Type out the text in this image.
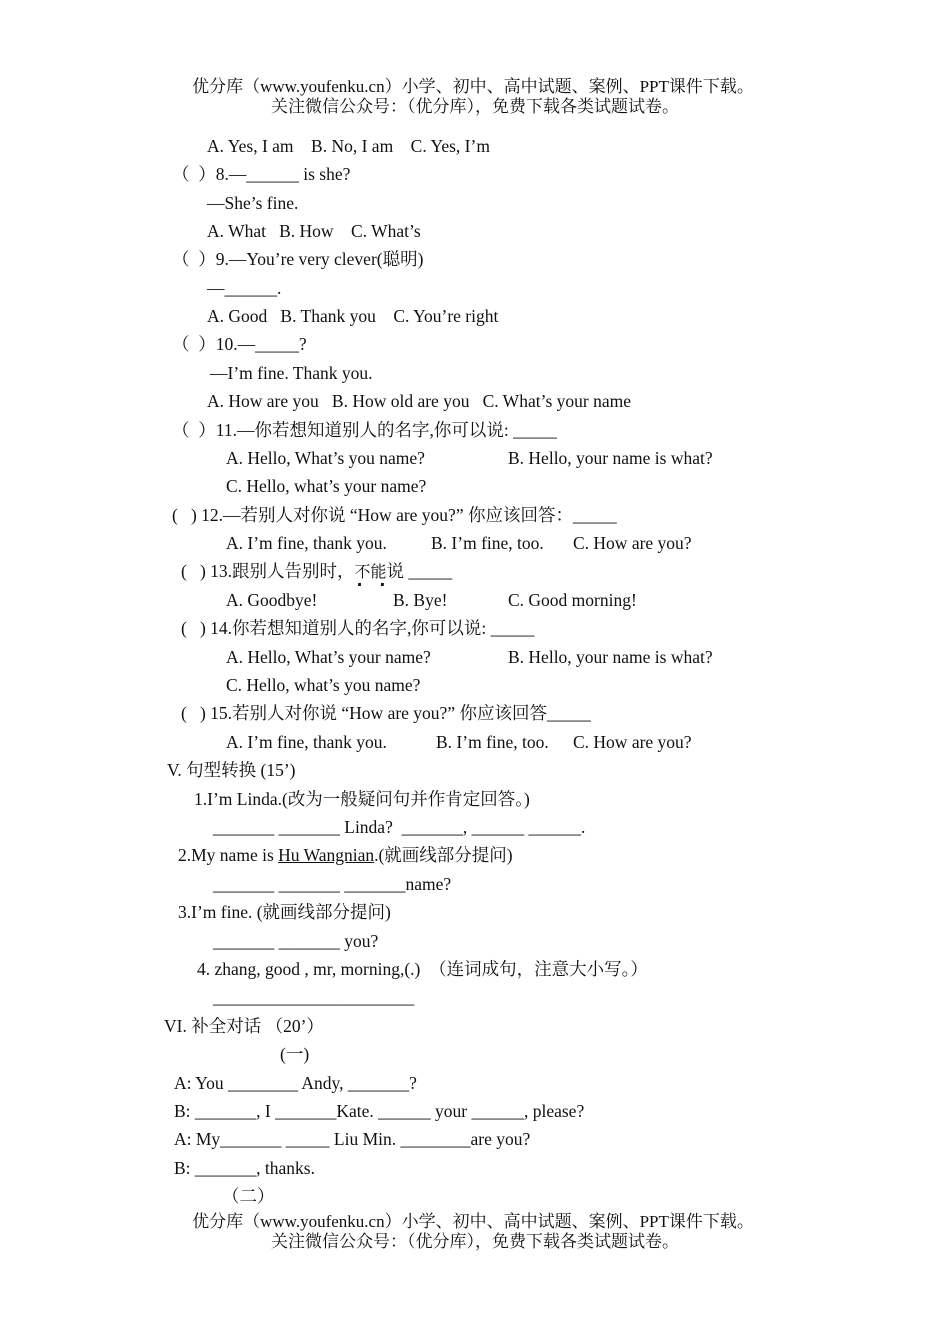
优分库（www.youfenku.cn）小学、初中、高中试题、案例、PPT课件下载。
关注微信公众号：（优分库），免费下载各类试题试卷。
A. Yes, I am    B. No, I am    C. Yes, I’m
（  ）8.—______ is she?
—She’s fine.
A. What   B. How    C. What’s
（  ）9.—You’re very clever(聪明)
—______.
A. Good   B. Thank you    C. You’re right
（  ）10.—_____?
—I’m fine. Thank you.
A. How are you   B. How old are you   C. What’s your name
（  ）11.—你若想知道别人的名字,你可以说: _____
A. Hello, What’s you name?	B. Hello, your name is what?
C. Hello, what’s your name?
(   ) 12.—若别人对你说 “How are you?” 你应该回答：_____
A. I’m fine, thank you.	B. I’m fine, too. C. How are you?
(   ) 13.跟别人告别时，不能 ·   ·说 _____
A. Goodbye!	B. Bye!	C. Good morning!
(   ) 14.你若想知道别人的名字,你可以说: _____
A. Hello, What’s your name?	B. Hello, your name is what?
C. Hello, what’s you name?
(   ) 15.若别人对你说 “How are you?” 你应该回答_____
A. I’m fine, thank you.	B. I’m fine, too. C. How are you?
V. 句型转换 (15’)
1.I’m Linda.(改为一般疑问句并作肯定回答。)
_______ _______ Linda?  _______, ______ ______.
2.My name is Hu Wangnian.(就画线部分提问)
_______ _______ _______name?
3.I’m fine. (就画线部分提问)
_______ _______ you?
4. zhang, good , mr, morning,(.)  （连词成句，注意大小写。）
_______________________
VI. 补全对话 （20’）
(一)
A: You ________ Andy, _______?
B: _______, I _______Kate. ______ your ______, please?
A: My_______ _____ Liu Min. ________are you?
B: _______, thanks.
（二）
优分库（www.youfenku.cn）小学、初中、高中试题、案例、PPT课件下载。
关注微信公众号：（优分库），免费下载各类试题试卷。
